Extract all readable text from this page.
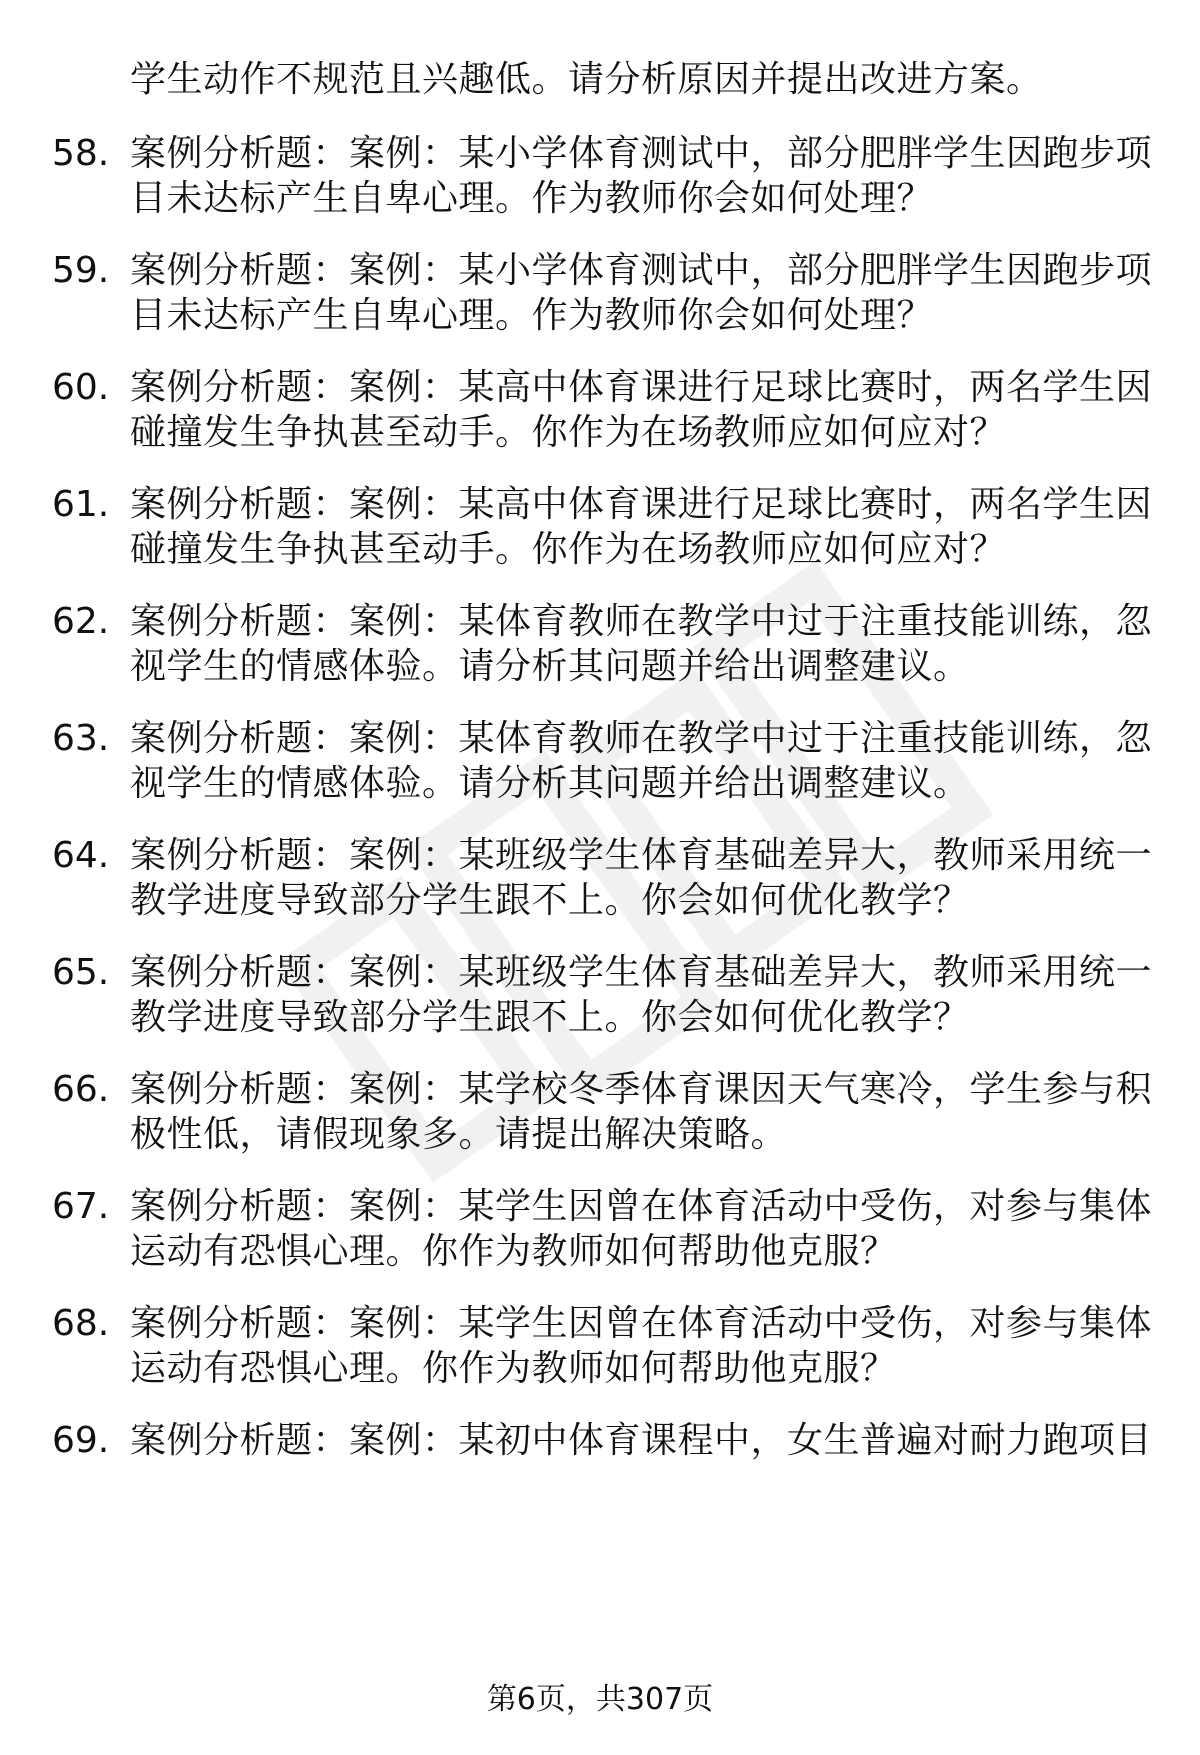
学生动作不规范且兴趣低。请分析原因并提出改进方案。
58. 案例分析题：案例：某小学体育测试中，部分肥胖学生因跑步项
目未达标产生自卑心理。作为教师你会如何处理？
59. 案例分析题：案例：某小学体育测试中，部分肥胖学生因跑步项
目未达标产生自卑心理。作为教师你会如何处理？
60. 案例分析题：案例：某高中体育课进行足球比赛时，两名学生因
碰撞发生争执甚至动手。你作为在场教师应如何应对？
61. 案例分析题：案例：某高中体育课进行足球比赛时，两名学生因
碰撞发生争执甚至动手。你作为在场教师应如何应对？
62. 案例分析题：案例：某体育教师在教学中过于注重技能训练，忽
视学生的情感体验。请分析其问题并给出调整建议。
63. 案例分析题：案例：某体育教师在教学中过于注重技能训练，忽
视学生的情感体验。请分析其问题并给出调整建议。
64. 案例分析题：案例：某班级学生体育基础差异大，教师采用统一
教学进度导致部分学生跟不上。你会如何优化教学？
65. 案例分析题：案例：某班级学生体育基础差异大，教师采用统一
教学进度导致部分学生跟不上。你会如何优化教学？
66. 案例分析题：案例：某学校冬季体育课因天气寒冷，学生参与积
极性低，请假现象多。请提出解决策略。
67. 案例分析题：案例：某学生因曾在体育活动中受伤，对参与集体
运动有恐惧心理。你作为教师如何帮助他克服？
68. 案例分析题：案例：某学生因曾在体育活动中受伤，对参与集体
运动有恐惧心理。你作为教师如何帮助他克服？
69. 案例分析题：案例：某初中体育课程中，女生普遍对耐力跑项目
第6页，共307页
